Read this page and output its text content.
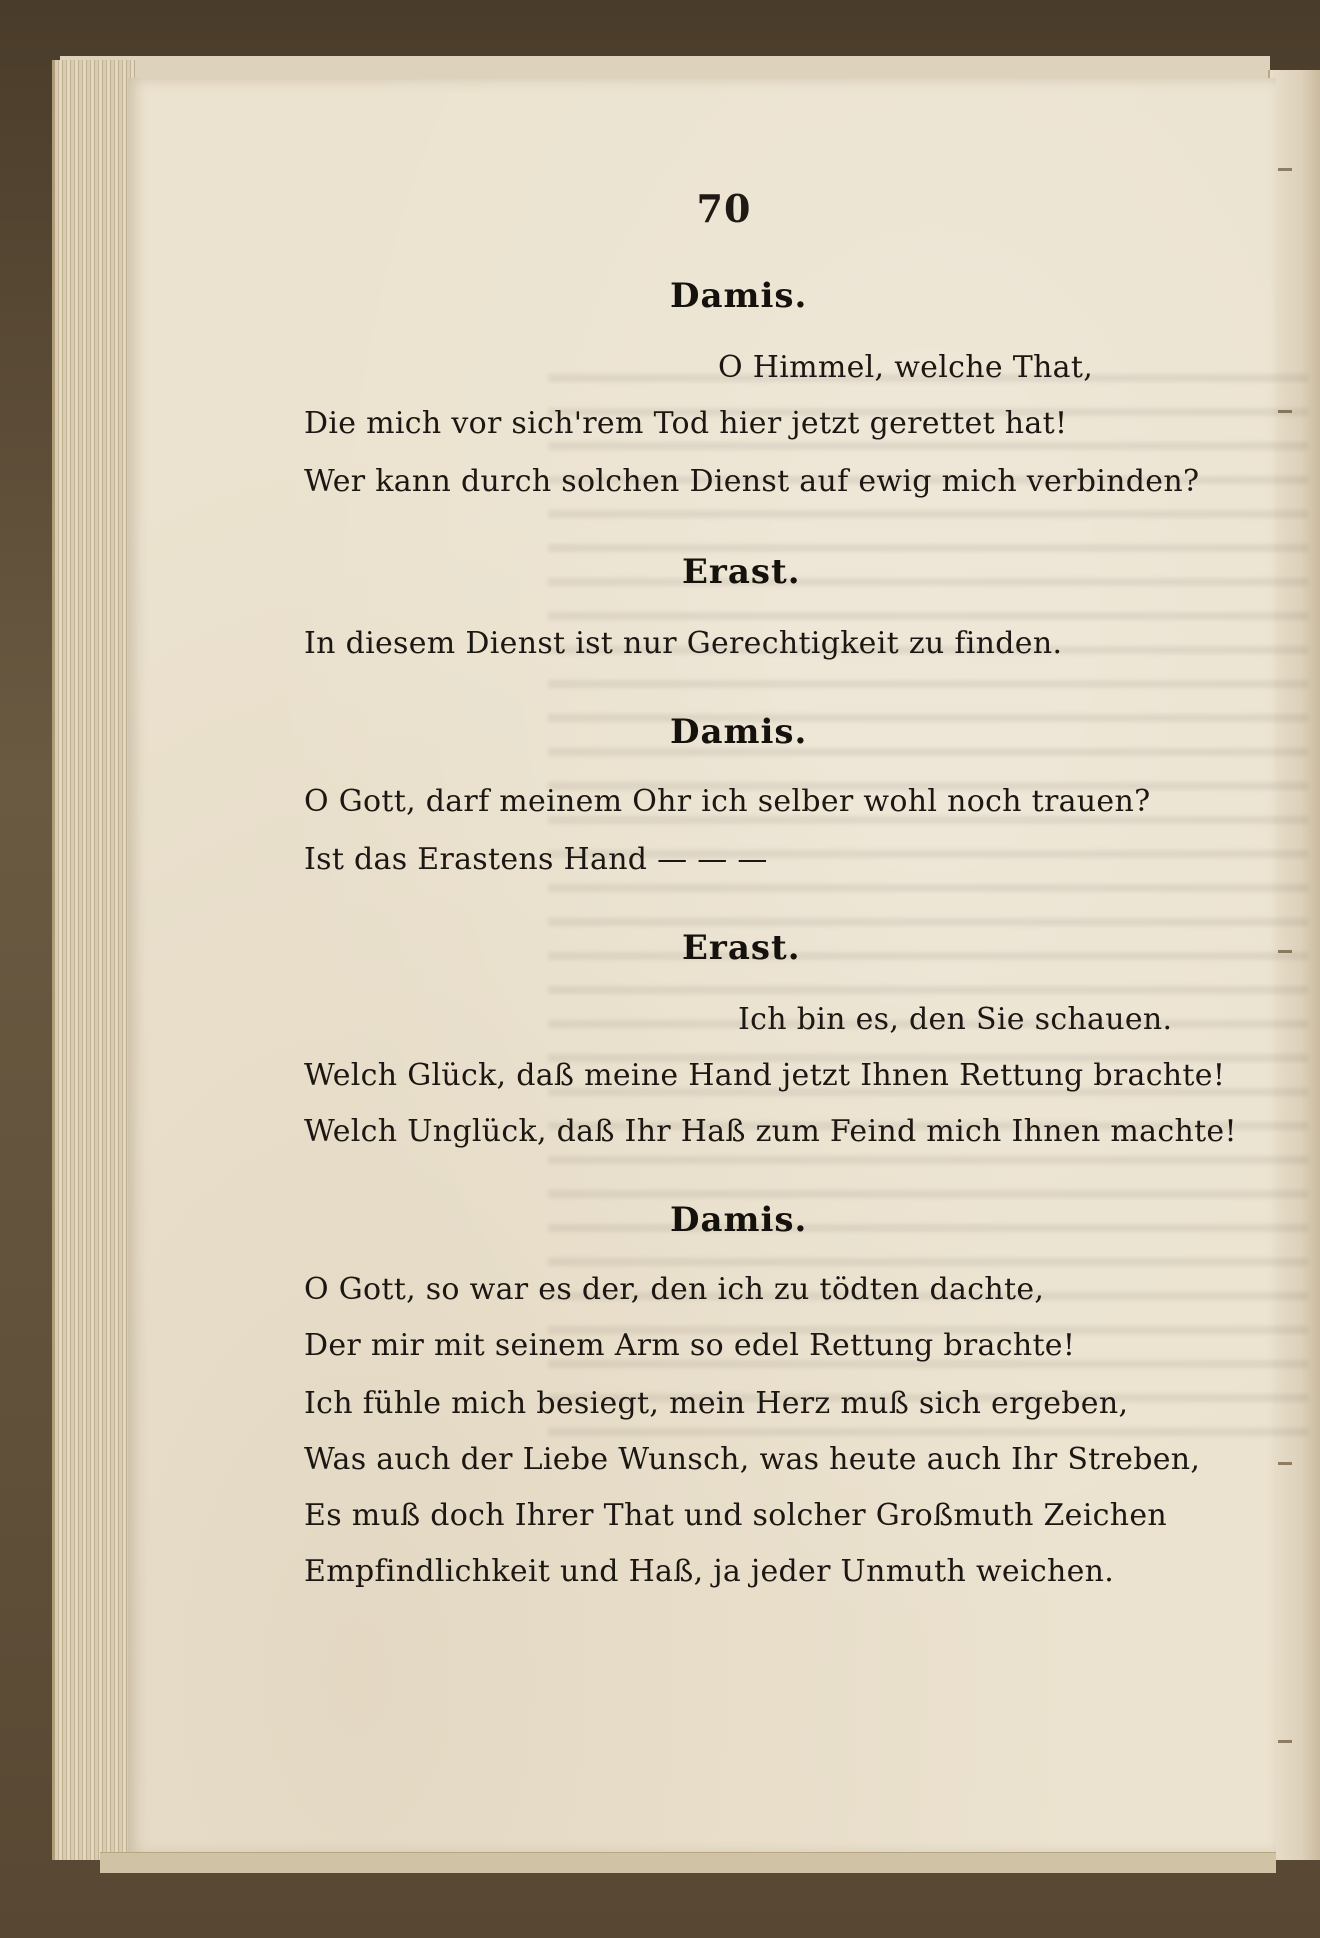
70
Damis.
O Himmel, welche That,
Die mich vor sich'rem Tod hier jetzt gerettet hat!
Wer kann durch solchen Dienst auf ewig mich verbinden?
Erast.
In diesem Dienst ist nur Gerechtigkeit zu finden.
Damis.
O Gott, darf meinem Ohr ich selber wohl noch trauen?
Ist das Erastens Hand — — —
Erast.
Ich bin es, den Sie schauen.
Welch Glück, daß meine Hand jetzt Ihnen Rettung brachte!
Welch Unglück, daß Ihr Haß zum Feind mich Ihnen machte!
Damis.
O Gott, so war es der, den ich zu tödten dachte,
Der mir mit seinem Arm so edel Rettung brachte!
Ich fühle mich besiegt, mein Herz muß sich ergeben,
Was auch der Liebe Wunsch, was heute auch Ihr Streben,
Es muß doch Ihrer That und solcher Großmuth Zeichen
Empfindlichkeit und Haß, ja jeder Unmuth weichen.
